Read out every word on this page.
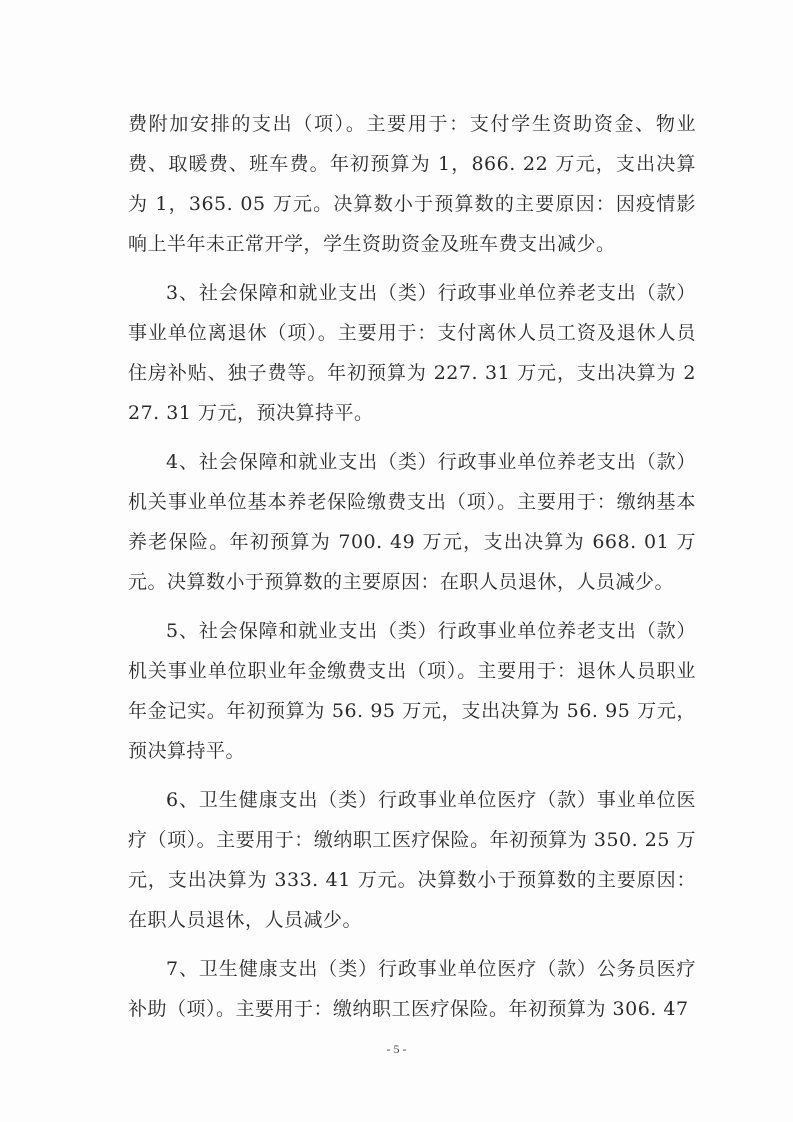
费附加安排的支出（项）。主要用于：支付学生资助资金、物业费、取暖费、班车费。年初预算为 1，866. 22 万元，支出决算为 1，365. 05 万元。决算数小于预算数的主要原因：因疫情影响上半年未正常开学，学生资助资金及班车费支出减少。

3、社会保障和就业支出（类）行政事业单位养老支出（款）事业单位离退休（项）。主要用于：支付离休人员工资及退休人员住房补贴、独子费等。年初预算为 227. 31 万元，支出决算为 227. 31 万元，预决算持平。

4、社会保障和就业支出（类）行政事业单位养老支出（款）机关事业单位基本养老保险缴费支出（项）。主要用于：缴纳基本养老保险。年初预算为 700. 49 万元，支出决算为 668. 01 万元。决算数小于预算数的主要原因：在职人员退休，人员减少。

5、社会保障和就业支出（类）行政事业单位养老支出（款）机关事业单位职业年金缴费支出（项）。主要用于：退休人员职业年金记实。年初预算为 56. 95 万元，支出决算为 56. 95 万元，预决算持平。

6、卫生健康支出（类）行政事业单位医疗（款）事业单位医疗（项）。主要用于：缴纳职工医疗保险。年初预算为 350. 25 万元，支出决算为 333. 41 万元。决算数小于预算数的主要原因：在职人员退休，人员减少。

7、卫生健康支出（类）行政事业单位医疗（款）公务员医疗补助（项）。主要用于：缴纳职工医疗保险。年初预算为 306. 47

- 5 -
